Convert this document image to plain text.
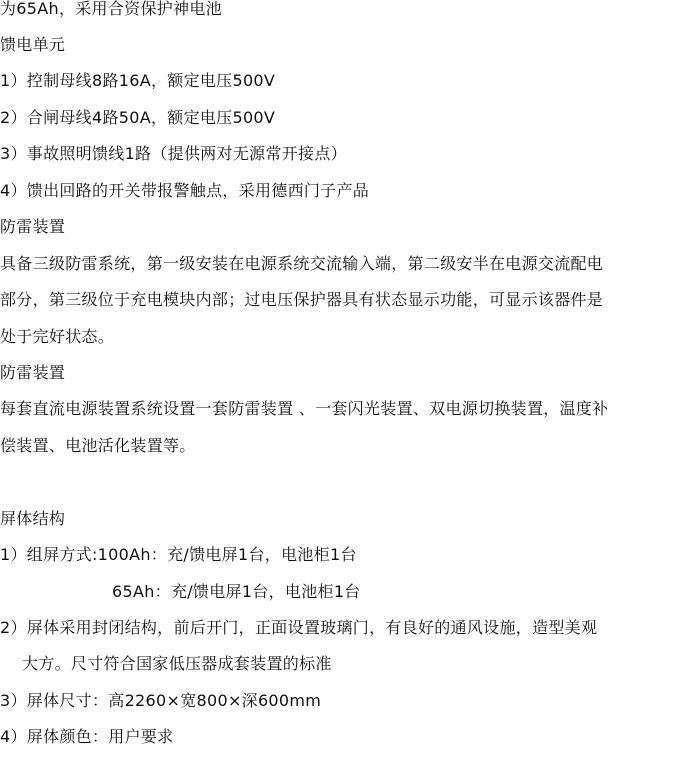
为65Ah，采用合资保护神电池
馈电单元
1）控制母线8路16A，额定电压500V
2）合闸母线4路50A，额定电压500V
3）事故照明馈线1路（提供两对无源常开接点）
4）馈出回路的开关带报警触点，采用德西门子产品
防雷装置
具备三级防雷系统，第一级安装在电源系统交流输入端，第二级安半在电源交流配电
部分，第三级位于充电模块内部；过电压保护器具有状态显示功能，可显示该器件是
处于完好状态。
防雷装置
每套直流电源装置系统设置一套防雷装置 、一套闪光装置、双电源切换装置，温度补
偿装置、电池活化装置等。
屏体结构
1）组屏方式:100Ah：充/馈电屏1台，电池柜1台
65Ah：充/馈电屏1台，电池柜1台
2）屏体采用封闭结构，前后开门，正面设置玻璃门，有良好的通风设施，造型美观
大方。尺寸符合国家低压器成套装置的标准
3）屏体尺寸：高2260×宽800×深600mm
4）屏体颜色：用户要求
